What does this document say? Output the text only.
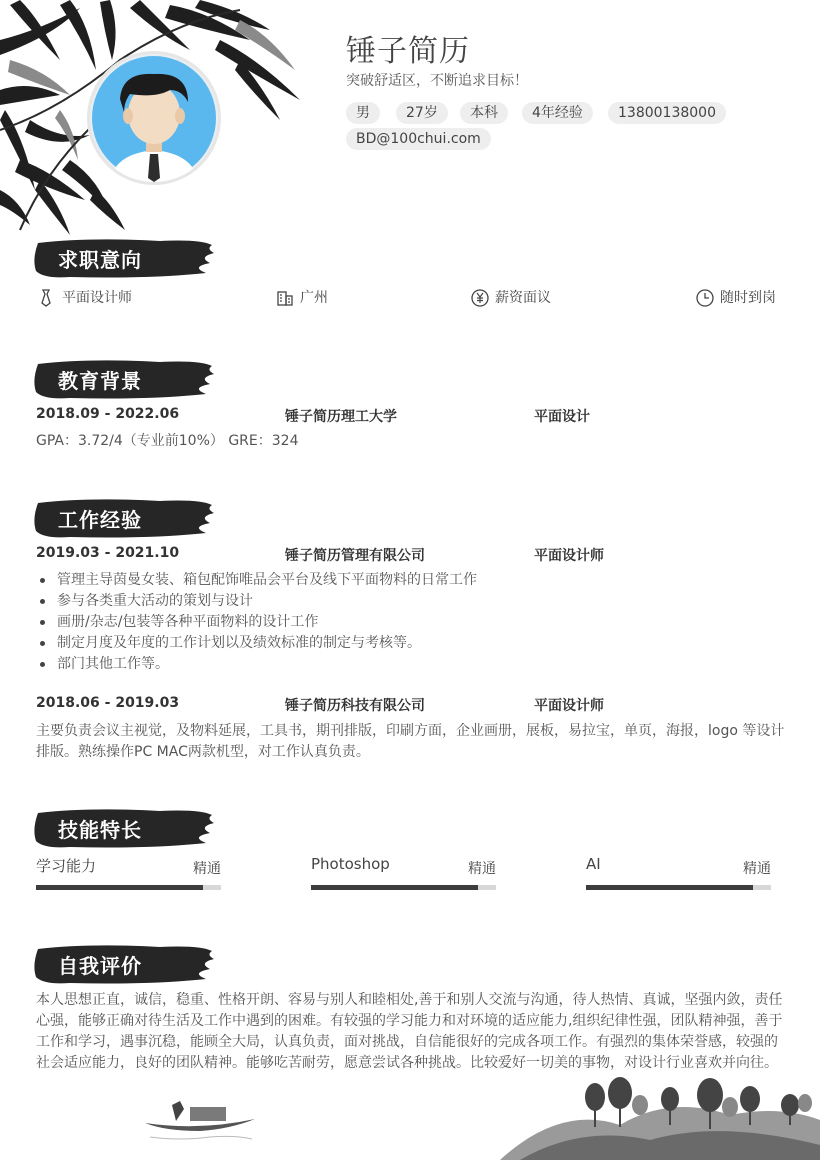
锤子简历
突破舒适区，不断追求目标！
男	27岁	本科	4年经验	13800138000
BD@100chui.com
求职意向
平面设计师	广州	薪资面议	随时到岗
教育背景
2018.09 - 2022.06	锤子简历理工大学	平面设计
GPA：3.72/4（专业前10%） GRE：324
工作经验
2019.03 - 2021.10	锤子简历管理有限公司	平面设计师
管理主导茵曼女装、箱包配饰唯品会平台及线下平面物料的日常工作
参与各类重大活动的策划与设计
画册/杂志/包装等各种平面物料的设计工作
制定月度及年度的工作计划以及绩效标准的制定与考核等。
部门其他工作等。
2018.06 - 2019.03	锤子简历科技有限公司	平面设计师
主要负责会议主视觉，及物料延展，工具书，期刊排版，印刷方面，企业画册，展板，易拉宝，单页，海报，logo 等设计
排版。熟练操作PC MAC两款机型，对工作认真负责。
技能特长
学习能力	精通	Photoshop	精通	AI	精通
自我评价
本人思想正直，诚信，稳重、性格开朗、容易与别人和睦相处,善于和别人交流与沟通，待人热情、真诚，坚强内敛，责任心强，能够正确对待生活及工作中遇到的困难。有较强的学习能力和对环境的适应能力,组织纪律性强，团队精神强，善于工作和学习，遇事沉稳，能顾全大局，认真负责，面对挑战，自信能很好的完成各项工作。有强烈的集体荣誉感，较强的社会适应能力，良好的团队精神。能够吃苦耐劳，愿意尝试各种挑战。比较爱好一切美的事物，对设计行业喜欢并向往。
